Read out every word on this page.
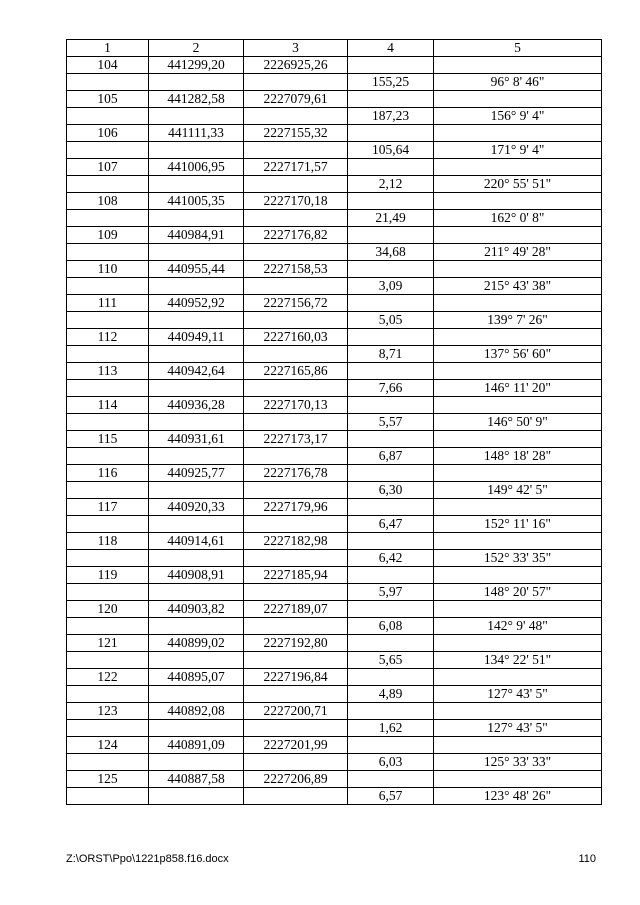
1	2	3	4	5
104	441299,20	2226925,26		
			155,25	96° 8' 46"
105	441282,58	2227079,61		
			187,23	156° 9' 4"
106	441111,33	2227155,32		
			105,64	171° 9' 4"
107	441006,95	2227171,57		
			2,12	220° 55' 51"
108	441005,35	2227170,18		
			21,49	162° 0' 8"
109	440984,91	2227176,82		
			34,68	211° 49' 28"
110	440955,44	2227158,53		
			3,09	215° 43' 38"
111	440952,92	2227156,72		
			5,05	139° 7' 26"
112	440949,11	2227160,03		
			8,71	137° 56' 60"
113	440942,64	2227165,86		
			7,66	146° 11' 20"
114	440936,28	2227170,13		
			5,57	146° 50' 9"
115	440931,61	2227173,17		
			6,87	148° 18' 28"
116	440925,77	2227176,78		
			6,30	149° 42' 5"
117	440920,33	2227179,96		
			6,47	152° 11' 16"
118	440914,61	2227182,98		
			6,42	152° 33' 35"
119	440908,91	2227185,94		
			5,97	148° 20' 57"
120	440903,82	2227189,07		
			6,08	142° 9' 48"
121	440899,02	2227192,80		
			5,65	134° 22' 51"
122	440895,07	2227196,84		
			4,89	127° 43' 5"
123	440892,08	2227200,71		
			1,62	127° 43' 5"
124	440891,09	2227201,99		
			6,03	125° 33' 33"
125	440887,58	2227206,89		
			6,57	123° 48' 26"
Z:\ORST\Ppo\1221p858.f16.docx	110
